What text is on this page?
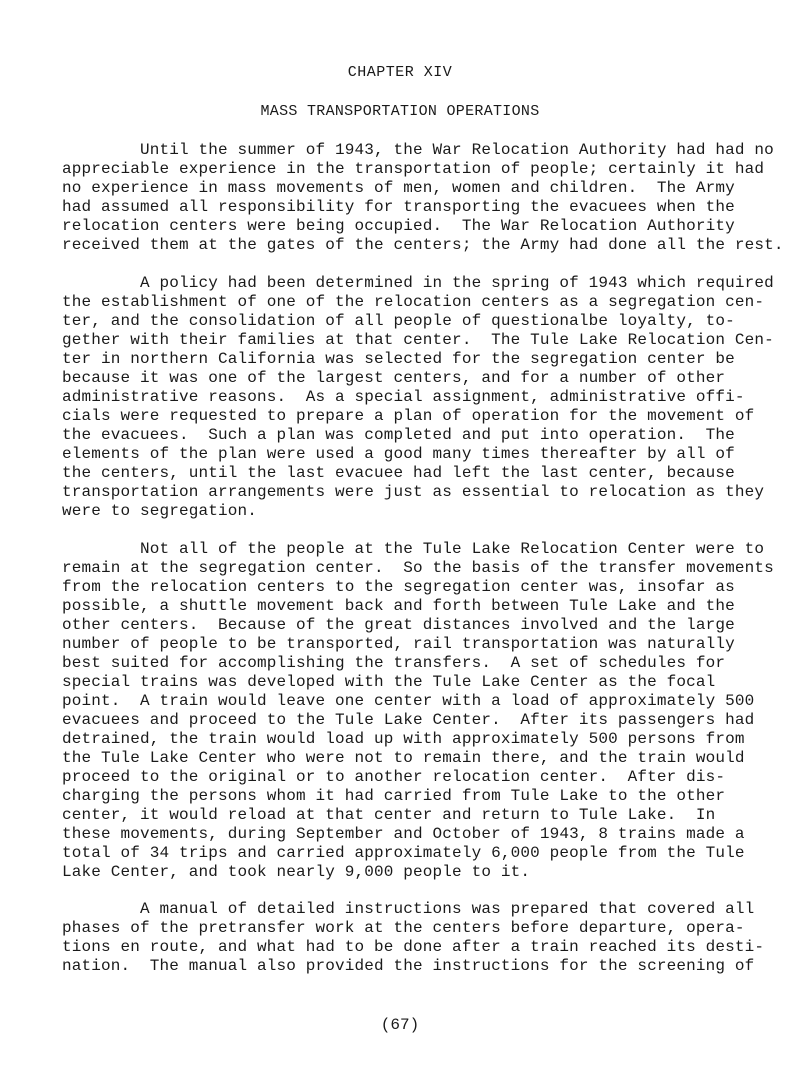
CHAPTER XIV
MASS TRANSPORTATION OPERATIONS
Until the summer of 1943, the War Relocation Authority had had no
appreciable experience in the transportation of people; certainly it had
no experience in mass movements of men, women and children.  The Army
had assumed all responsibility for transporting the evacuees when the
relocation centers were being occupied.  The War Relocation Authority
received them at the gates of the centers; the Army had done all the rest.
A policy had been determined in the spring of 1943 which required
the establishment of one of the relocation centers as a segregation cen-
ter, and the consolidation of all people of questionalbe loyalty, to-
gether with their families at that center.  The Tule Lake Relocation Cen-
ter in northern California was selected for the segregation center be
because it was one of the largest centers, and for a number of other
administrative reasons.  As a special assignment, administrative offi-
cials were requested to prepare a plan of operation for the movement of
the evacuees.  Such a plan was completed and put into operation.  The
elements of the plan were used a good many times thereafter by all of
the centers, until the last evacuee had left the last center, because
transportation arrangements were just as essential to relocation as they
were to segregation.
Not all of the people at the Tule Lake Relocation Center were to
remain at the segregation center.  So the basis of the transfer movements
from the relocation centers to the segregation center was, insofar as
possible, a shuttle movement back and forth between Tule Lake and the
other centers.  Because of the great distances involved and the large
number of people to be transported, rail transportation was naturally
best suited for accomplishing the transfers.  A set of schedules for
special trains was developed with the Tule Lake Center as the focal
point.  A train would leave one center with a load of approximately 500
evacuees and proceed to the Tule Lake Center.  After its passengers had
detrained, the train would load up with approximately 500 persons from
the Tule Lake Center who were not to remain there, and the train would
proceed to the original or to another relocation center.  After dis-
charging the persons whom it had carried from Tule Lake to the other
center, it would reload at that center and return to Tule Lake.  In
these movements, during September and October of 1943, 8 trains made a
total of 34 trips and carried approximately 6,000 people from the Tule
Lake Center, and took nearly 9,000 people to it.
A manual of detailed instructions was prepared that covered all
phases of the pretransfer work at the centers before departure, opera-
tions en route, and what had to be done after a train reached its desti-
nation.  The manual also provided the instructions for the screening of
(67)
